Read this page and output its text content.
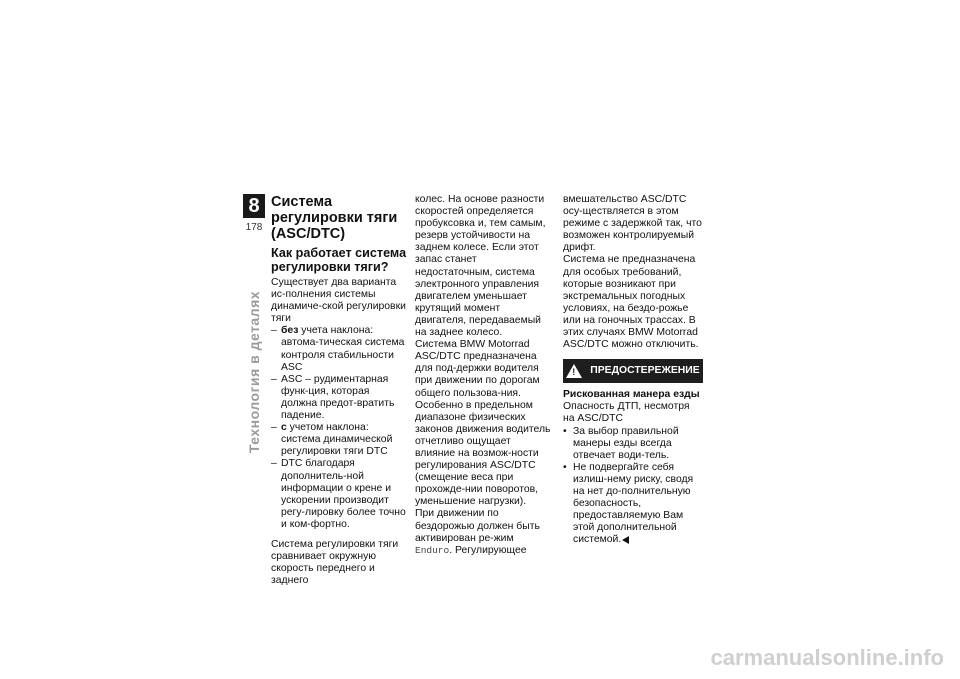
8
178
Технология в деталях
Система регулировки тяги (ASC/DTC)
Как работает система регулировки тяги?

Существует два варианта ис-полнения системы динамиче-ской регулировки тяги

– без учета наклона: автома-тическая система контроля стабильности ASC

– ASC – рудиментарная функ-ция, которая должна предот-вратить падение.

– с учетом наклона: система динамической регулировки тяги DTC

– DTC благодаря дополнитель-ной информации о крене и ускорении производит регу-лировку более точно и ком-фортно.

Система регулировки тяги сравнивает окружную скорость переднего и заднего

колес. На основе разности скоростей определяется пробуксовка и, тем самым, резерв устойчивости на заднем колесе. Если этот запас станет недостаточным, система электронного управления двигателем уменьшает крутящий момент двигателя, передаваемый на заднее колесо.

Система BMW Motorrad ASC/DTC предназначена для под-держки водителя при движении по дорогам общего пользова-ния. Особенно в предельном диапазоне физических законов движения водитель отчетливо ощущает влияние на возмож-ности регулирования ASC/DTC (смещение веса при прохожде-нии поворотов, уменьшение нагрузки).

При движении по бездорожью должен быть активирован ре-жим Enduro. Регулирующее

вмешательство ASC/DTC осу-ществляется в этом режиме с задержкой так, что возможен контролируемый дрифт.

Система не предназначена для особых требований, которые возникают при экстремальных погодных условиях, на бездо-рожье или на гоночных трассах. В этих случаях BMW Motorrad ASC/DTC можно отключить.

! ПРЕДОСТЕРЕЖЕНИЕ

Рискованная манера езды

Опасность ДТП, несмотря на ASC/DTC

• За выбор правильной манеры езды всегда отвечает води-тель.

• Не подвергайте себя излиш-нему риску, сводя на нет до-полнительную безопасность, предоставляемую Вам этой дополнительной системой.

carmanualsonline.info
